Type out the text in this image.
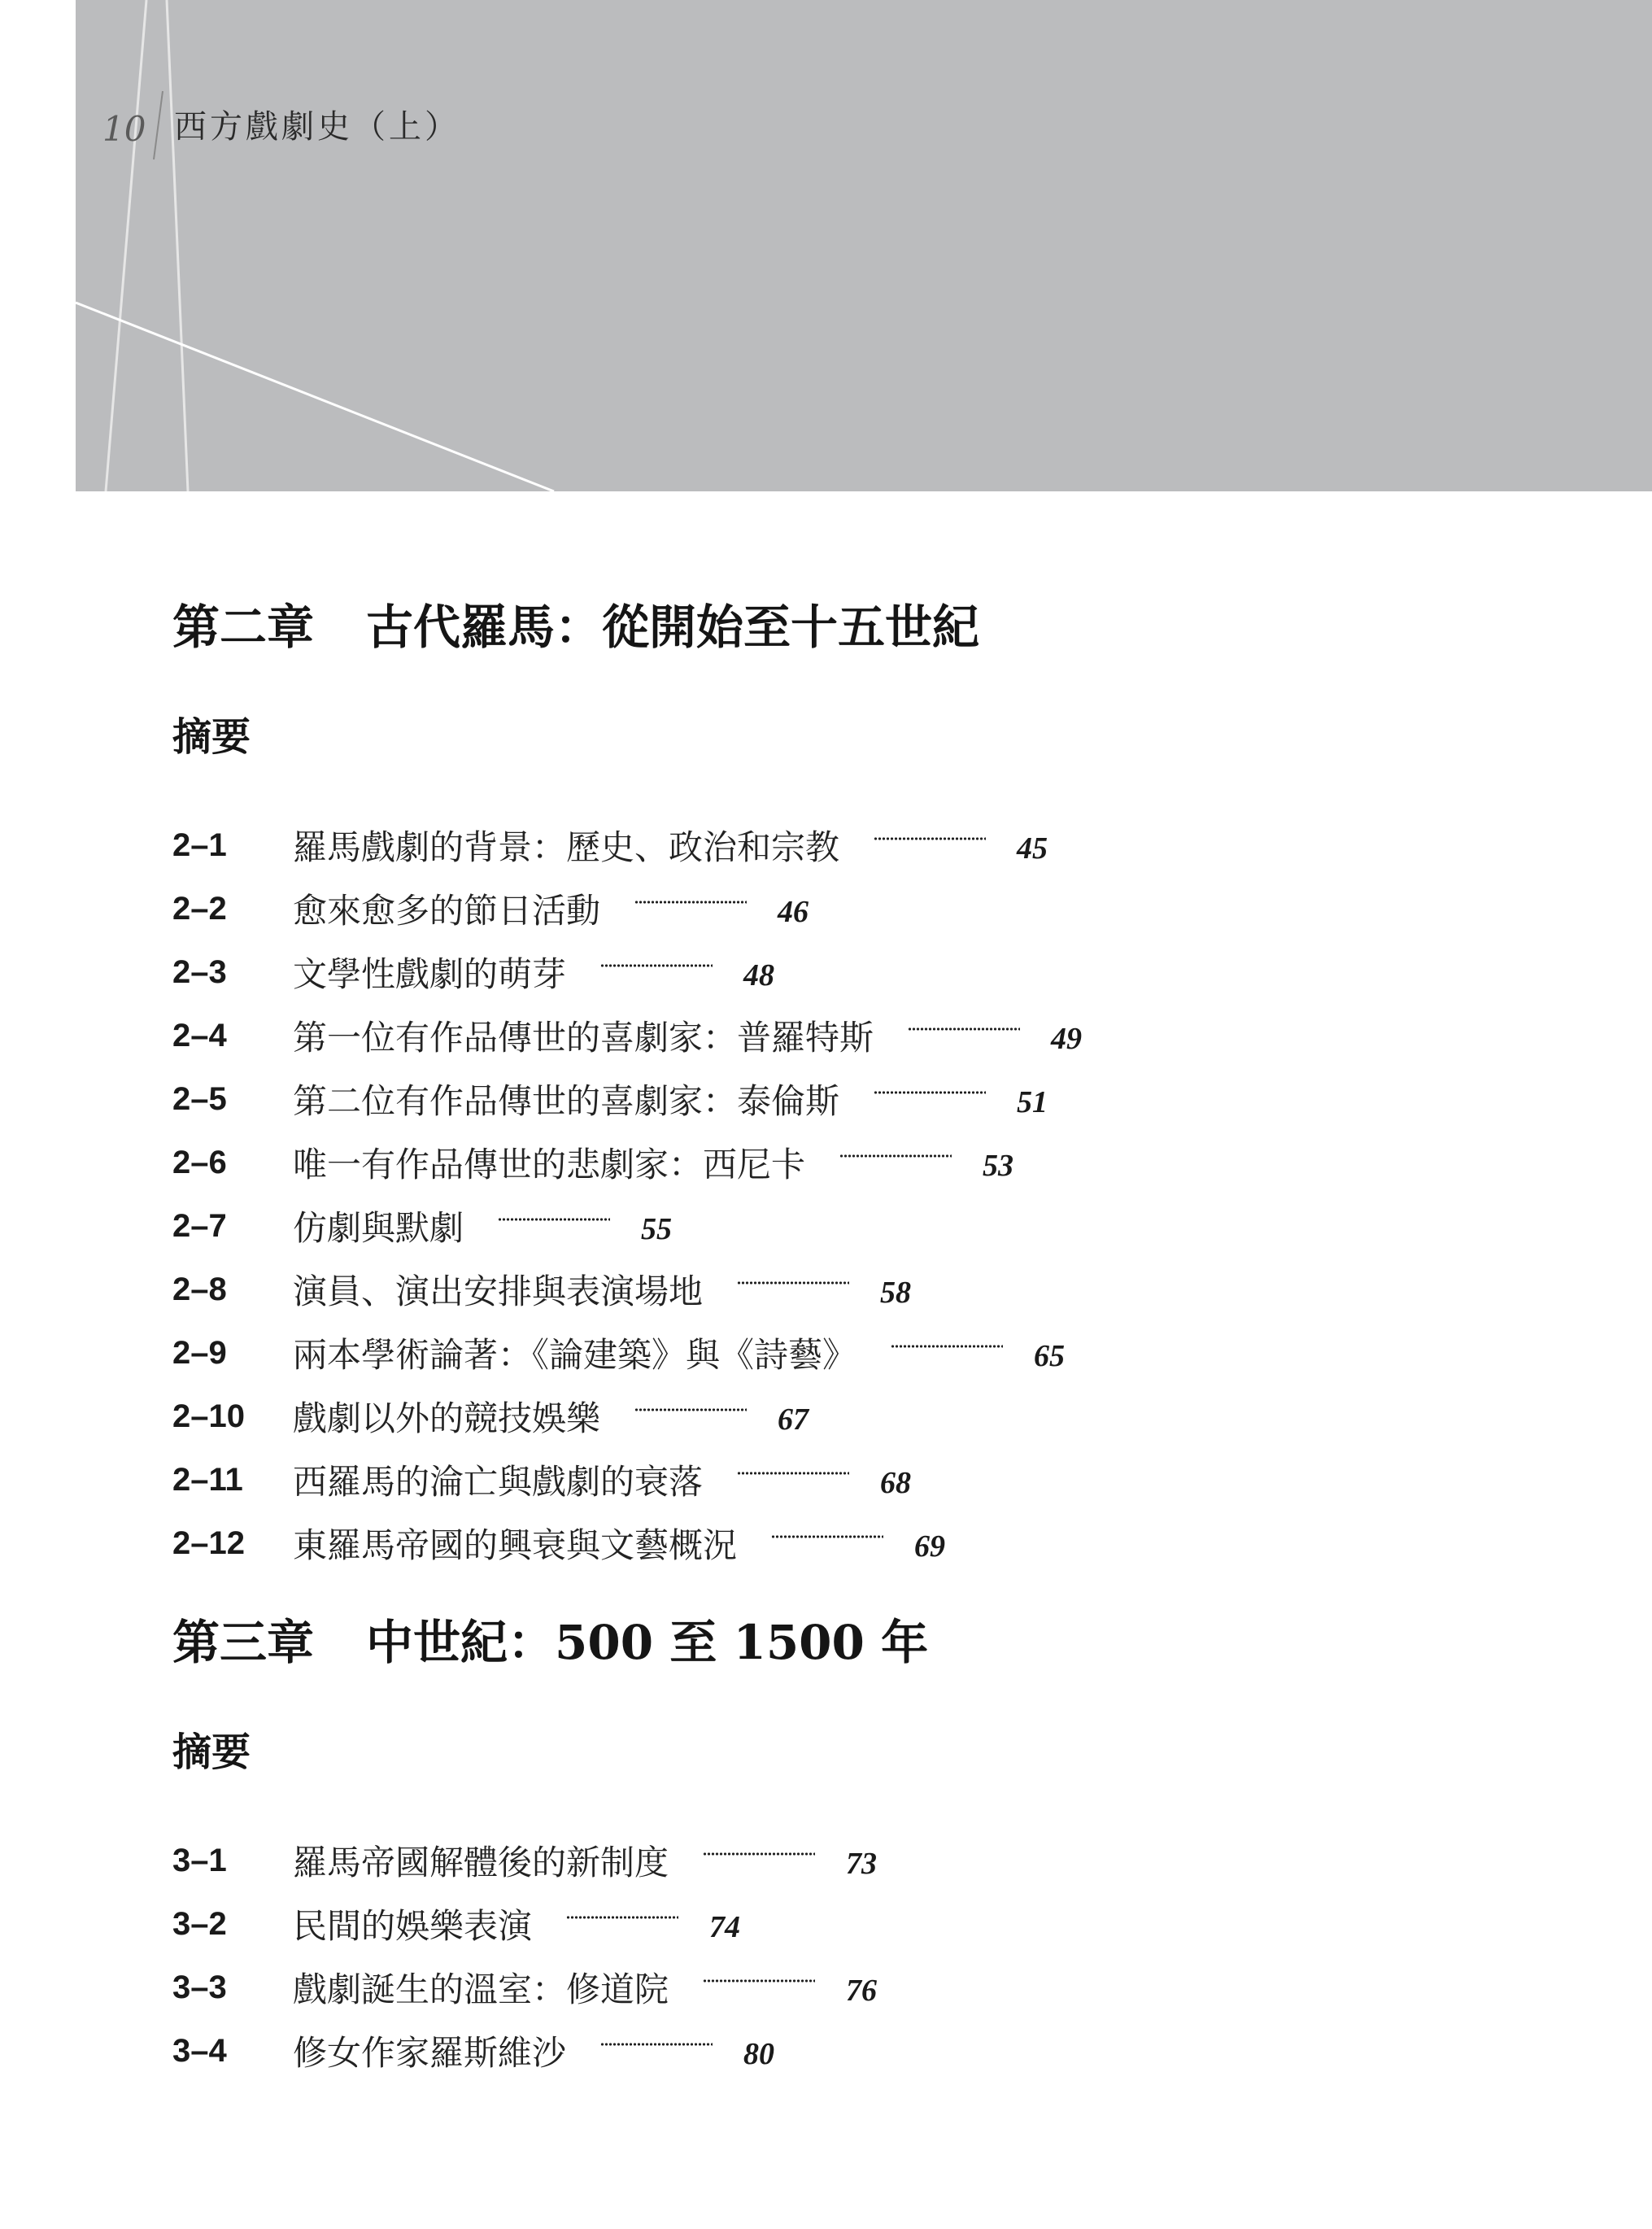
10 西方戲劇史（上）
第二章 古代羅馬：從開始至十五世紀
摘要
2–1	羅馬戲劇的背景：歷史、政治和宗教	45
2–2	愈來愈多的節日活動	46
2–3	文學性戲劇的萌芽	48
2–4	第一位有作品傳世的喜劇家：普羅特斯	49
2–5	第二位有作品傳世的喜劇家：泰倫斯	51
2–6	唯一有作品傳世的悲劇家：西尼卡	53
2–7	仿劇與默劇	55
2–8	演員、演出安排與表演場地	58
2–9	兩本學術論著：《論建築》與《詩藝》	65
2–10	戲劇以外的競技娛樂	67
2–11	西羅馬的淪亡與戲劇的衰落	68
2–12	東羅馬帝國的興衰與文藝概況	69
第三章 中世紀：500 至 1500 年
摘要
3–1	羅馬帝國解體後的新制度	73
3–2	民間的娛樂表演	74
3–3	戲劇誕生的溫室：修道院	76
3–4	修女作家羅斯維沙	80
